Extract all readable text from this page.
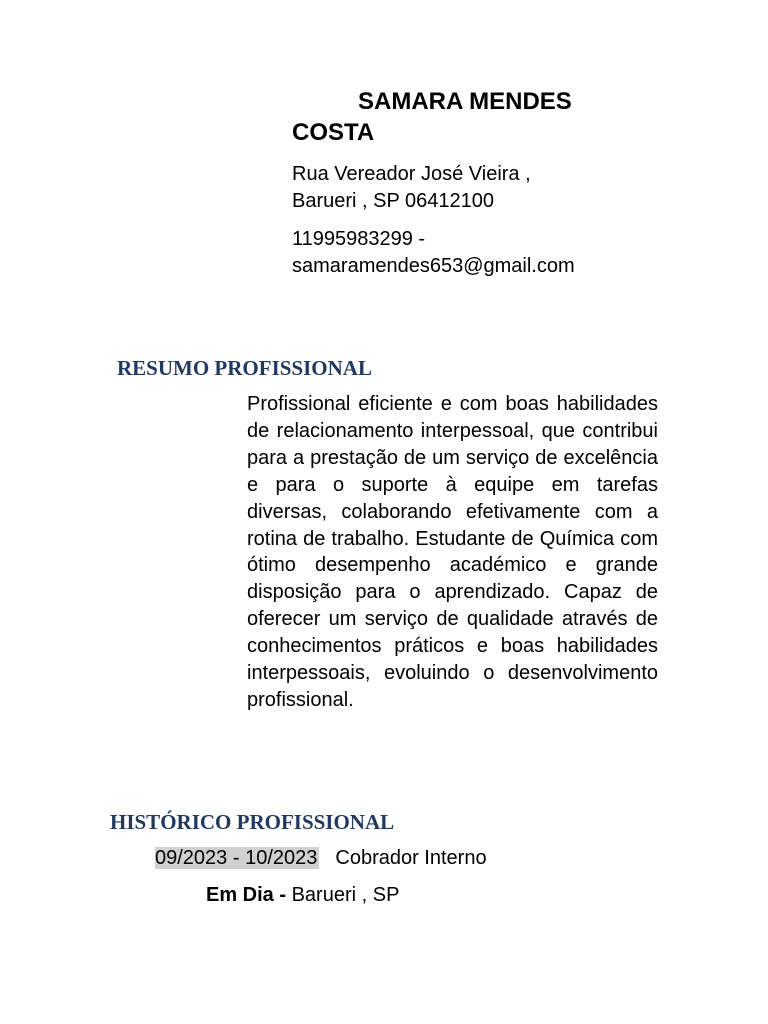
SAMARA MENDES
COSTA

Rua Vereador José Vieira ,
Barueri , SP 06412100

11995983299 -
samaramendes653@gmail.com

RESUMO PROFISSIONAL

Profissional eficiente e com boas habilidades de relacionamento interpessoal, que contribui para a prestação de um serviço de excelência e para o suporte à equipe em tarefas diversas, colaborando efetivamente com a rotina de trabalho. Estudante de Química com ótimo desempenho académico e grande disposição para o aprendizado. Capaz de oferecer um serviço de qualidade através de conhecimentos práticos e boas habilidades interpessoais, evoluindo o desenvolvimento profissional.

HISTÓRICO PROFISSIONAL
09/2023 - 10/2023 Cobrador Interno
Em Dia - Barueri , SP
